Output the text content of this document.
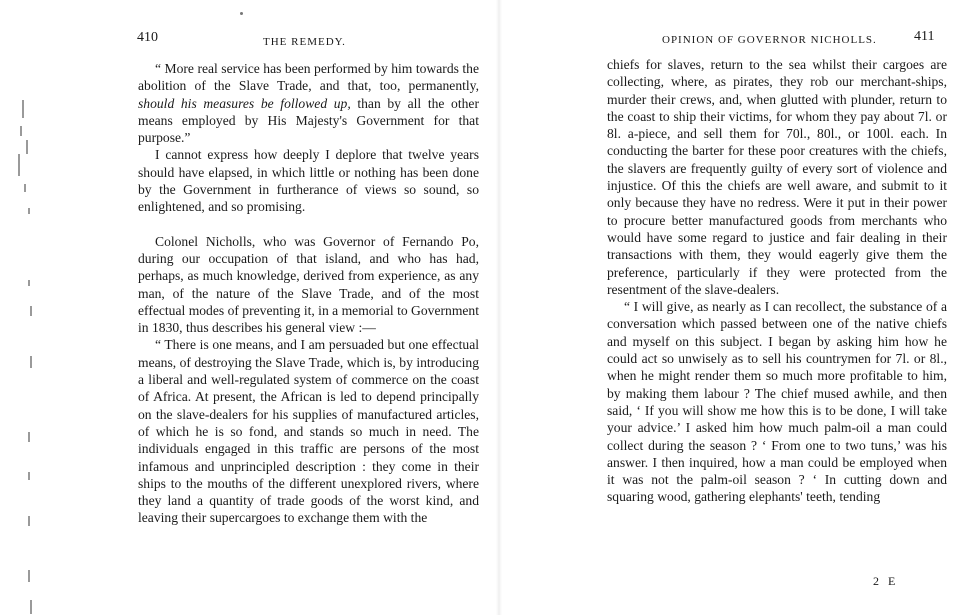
410	THE REMEDY.

“ More real service has been performed by him towards the abolition of the Slave Trade, and that, too, permanently, should his measures be followed up, than by all the other means employed by His Majesty's Government for that purpose.”

I cannot express how deeply I deplore that twelve years should have elapsed, in which little or nothing has been done by the Government in furtherance of views so sound, so enlightened, and so promising.

Colonel Nicholls, who was Governor of Fernando Po, during our occupation of that island, and who has had, perhaps, as much knowledge, derived from experience, as any man, of the nature of the Slave Trade, and of the most effectual modes of preventing it, in a memorial to Government in 1830, thus describes his general view :—

“ There is one means, and I am persuaded but one effectual means, of destroying the Slave Trade, which is, by introducing a liberal and well-regulated system of commerce on the coast of Africa. At present, the African is led to depend principally on the slave-dealers for his supplies of manufactured articles, of which he is so fond, and stands so much in need. The individuals engaged in this traffic are persons of the most infamous and unprincipled description : they come in their ships to the mouths of the different unexplored rivers, where they land a quantity of trade goods of the worst kind, and leaving their supercargoes to exchange them with the

OPINION OF GOVERNOR NICHOLLS.	411

chiefs for slaves, return to the sea whilst their cargoes are collecting, where, as pirates, they rob our merchant-ships, murder their crews, and, when glutted with plunder, return to the coast to ship their victims, for whom they pay about 7l. or 8l. a-piece, and sell them for 70l., 80l., or 100l. each. In conducting the barter for these poor creatures with the chiefs, the slavers are frequently guilty of every sort of violence and injustice. Of this the chiefs are well aware, and submit to it only because they have no redress. Were it put in their power to procure better manufactured goods from merchants who would have some regard to justice and fair dealing in their transactions with them, they would eagerly give them the preference, particularly if they were protected from the resentment of the slave-dealers.

“ I will give, as nearly as I can recollect, the substance of a conversation which passed between one of the native chiefs and myself on this subject. I began by asking him how he could act so unwisely as to sell his countrymen for 7l. or 8l., when he might render them so much more profitable to him, by making them labour ? The chief mused awhile, and then said, ‘ If you will show me how this is to be done, I will take your advice.’ I asked him how much palm-oil a man could collect during the season ? ‘ From one to two tuns,’ was his answer. I then inquired, how a man could be employed when it was not the palm-oil season ? ‘ In cutting down and squaring wood, gathering elephants' teeth, tending

2 E
